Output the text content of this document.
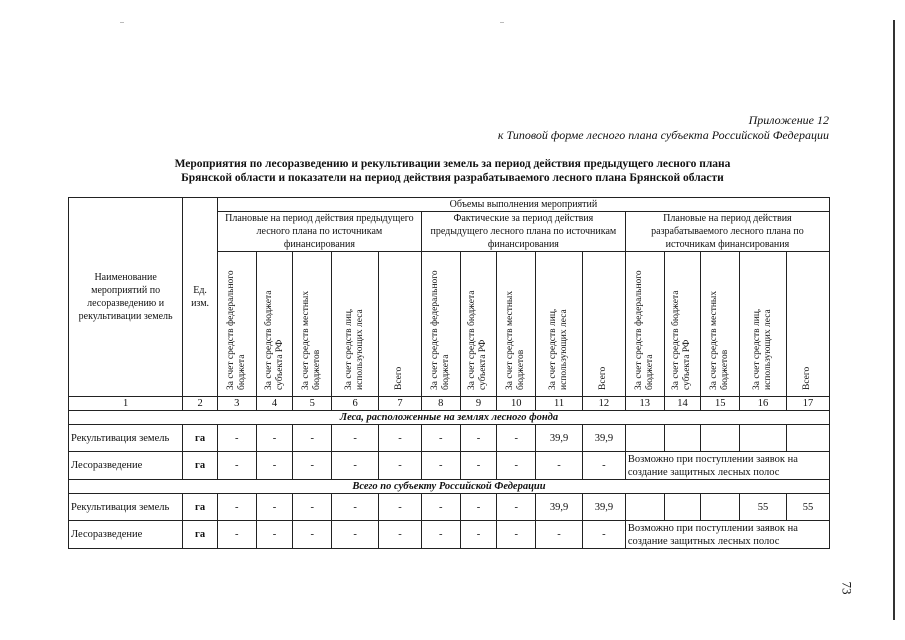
Приложение 12
к Типовой форме лесного плана субъекта Российской Федерации
Мероприятия по лесоразведению и рекультивации земель за период действия предыдущего лесного плана
Брянской области и показатели на период действия разрабатываемого лесного плана Брянской области
Наименование мероприятий по лесоразведению и рекультивации земель	Ед. изм.	Объемы выполнения мероприятий														
		Плановые на период действия предыдущего лесного плана по источникам финансирования					Фактические за период действия предыдущего лесного плана по источникам финансирования					Плановые на период действия разрабатываемого лесного плана по источникам финансирования				

		За счет средств федерального бюджета	За счет средств бюджета субъекта РФ	За счет средств местных бюджетов	За счет средств лиц, использующих леса	Всего	За счет средств федерального бюджета	За счет средств бюджета субъекта РФ	За счет средств местных бюджетов	За счет средств лиц, использующих леса	Всего	За счет средств федерального бюджета	За счет средств бюджета субъекта РФ	За счет средств местных бюджетов	За счет средств лиц, использующих леса	Всего

1	2	3	4	5	6	7	8	9	10	11	12	13	14	15	16	17
Леса, расположенные на землях лесного фонда																
Рекультивация земель	га	-	-	-	-	-	-	-	-	39,9	39,9					
Лесоразведение	га	-	-	-	-	-	-	-	-	-	-	Возможно при поступлении заявок на создание защитных лесных полос				
Всего по субъекту Российской Федерации																
Рекультивация земель	га	-	-	-	-	-	-	-	-	39,9	39,9				55	55
Лесоразведение	га	-	-	-	-	-	-	-	-	-	-	Возможно при поступлении заявок на создание защитных лесных полос				
73
